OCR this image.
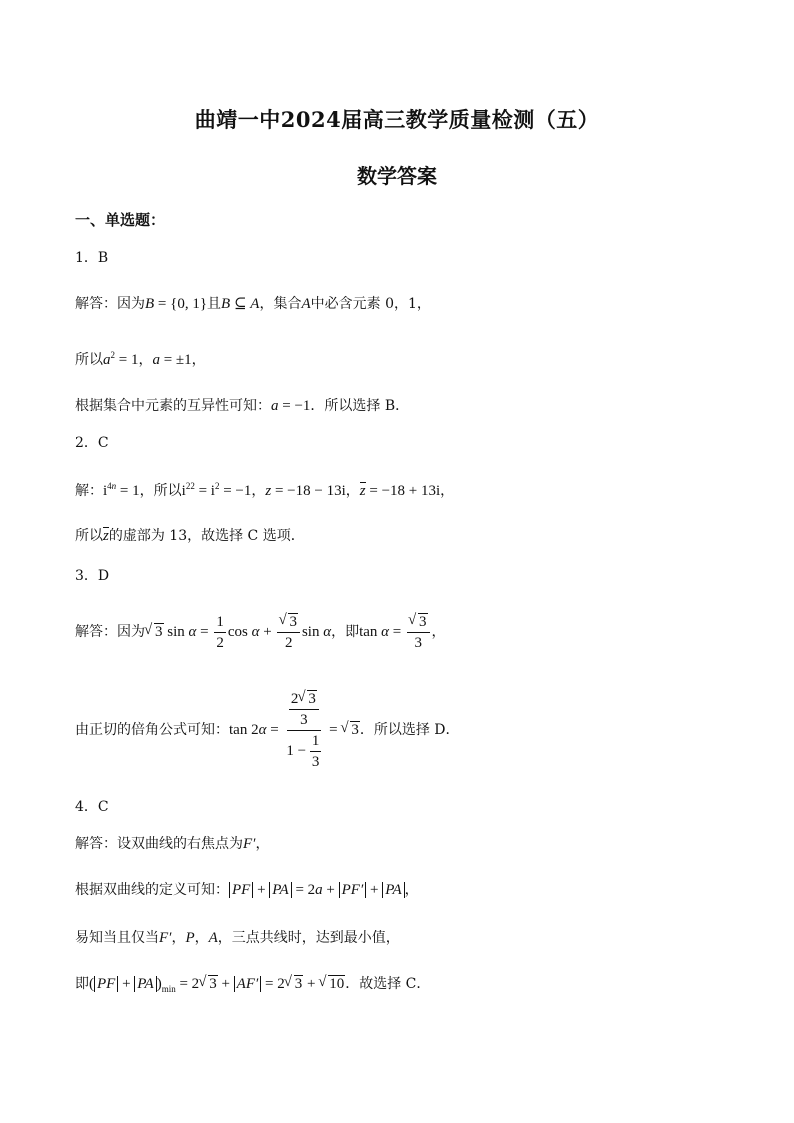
曲靖一中2024届高三教学质量检测（五）
数学答案
一、单选题：
1．B
解答：因为B = {0, 1}且B ⊆ A，集合A中必含元素 0，1，
所以$a^2 = 1$，a = ±1，
根据集合中元素的互异性可知：a = −1．所以选择 B．
2．C
解：$i^{4n} = 1$，所以$i^{22} = i^2 = -1$，z = −18 − 13i，z = −18 + 13i，
所以z的虚部为 13，故选择 C 选项．
3．D
解答：因为√ 3 $\sin \alpha = \frac{1}{2}$ cos α +
√ $\frac{3}{2}$ sin α，即tan α =
√ $\frac{3}{3}$ ，
由正切的倍角公式可知：$\tan 2\alpha = \frac{\frac{2√ 3}{3}}{1 - \frac{1}{3}}$ = √ 3．所以选择 D．
4．C
解答：设双曲线的右焦点为F′，
根据双曲线的定义可知： PF + PA = 2a + PF′ + PA ，
易知当且仅当F′，P，A，三点共线时，达到最小值，
即( PF + PA )$_{min} = 2√$ 3 + AF′ = 2√ 3 + √ 10．故选择 C．
